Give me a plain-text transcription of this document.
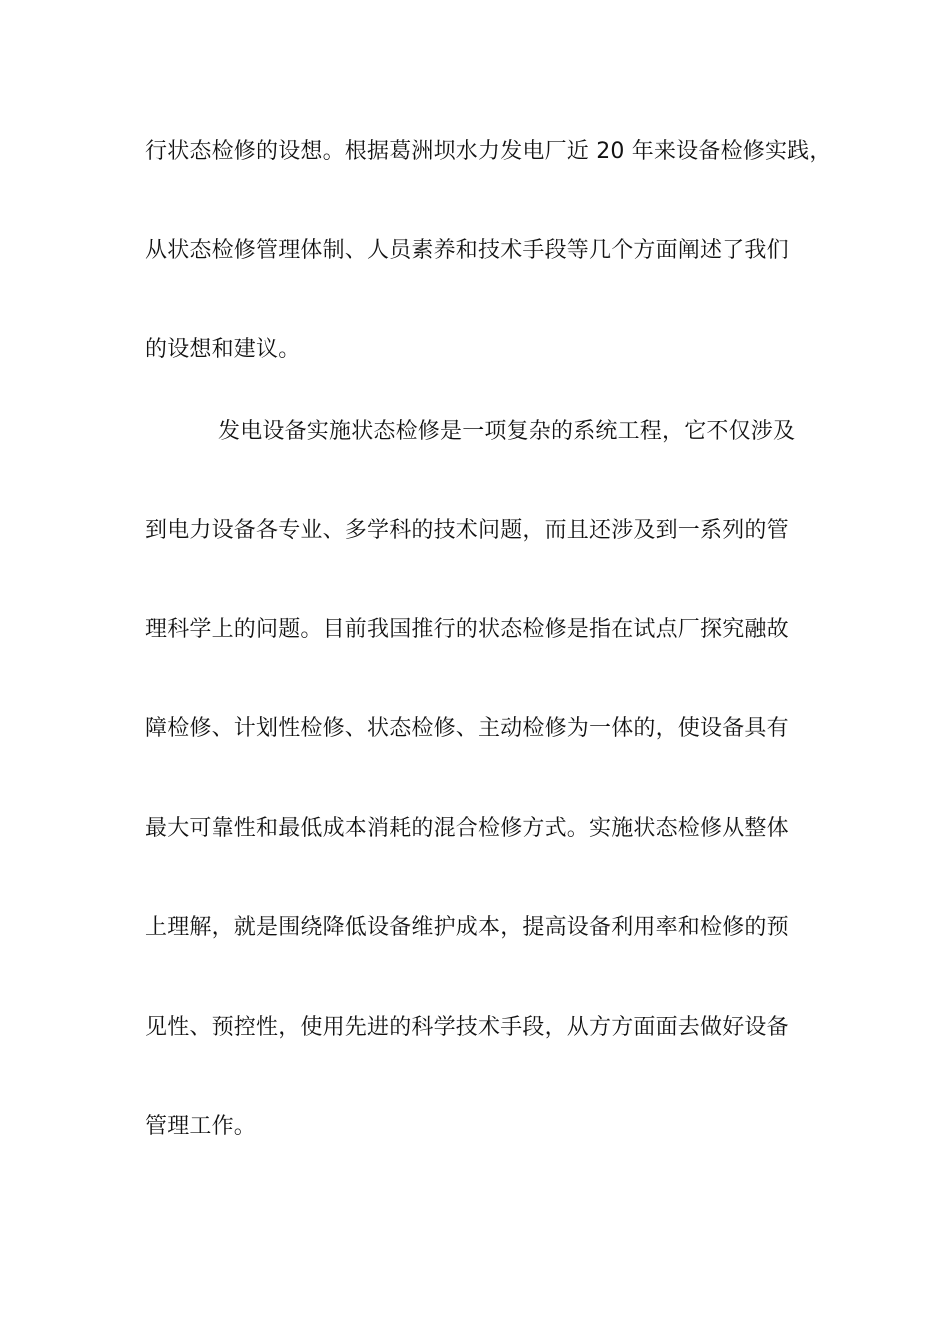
行状态检修的设想。根据葛洲坝水力发电厂近 20 年来设备检修实践，
从状态检修管理体制、人员素养和技术手段等几个方面阐述了我们
的设想和建议。
发电设备实施状态检修是一项复杂的系统工程，它不仅涉及
到电力设备各专业、多学科的技术问题，而且还涉及到一系列的管
理科学上的问题。目前我国推行的状态检修是指在试点厂探究融故
障检修、计划性检修、状态检修、主动检修为一体的，使设备具有
最大可靠性和最低成本消耗的混合检修方式。实施状态检修从整体
上理解，就是围绕降低设备维护成本，提高设备利用率和检修的预
见性、预控性，使用先进的科学技术手段，从方方面面去做好设备
管理工作。
